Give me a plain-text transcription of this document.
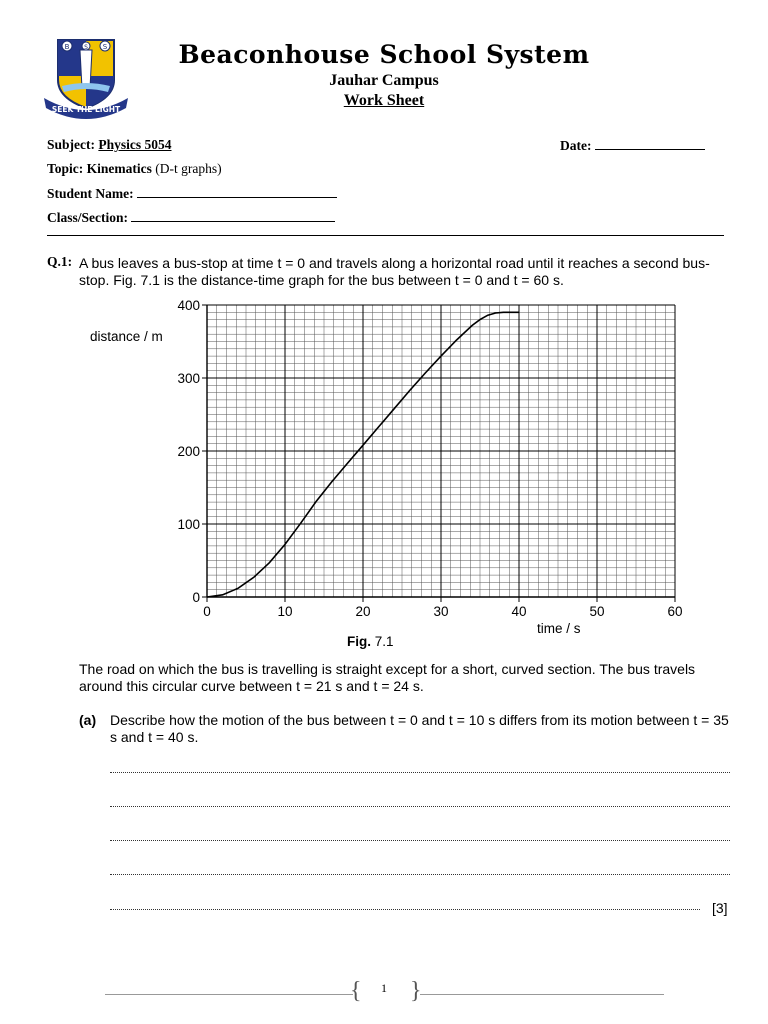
B S S
SEEK THE LIGHT
Beaconhouse School System
Jauhar Campus
Work Sheet
Subject: Physics 5054	Date:
Topic: Kinematics (D-t graphs)
Student Name:
Class/Section:
Q.1: A bus leaves a bus-stop at time t = 0 and travels along a horizontal road until it reaches a second bus-stop. Fig. 7.1 is the distance-time graph for the bus between t = 0 and t = 60 s.
0	10	20	30	40	50	60
0
100
200
300
400
time / s
distance / m
Fig. 7.1
The road on which the bus is travelling is straight except for a short, curved section. The bus travels around this circular curve between t = 21 s and t = 24 s.
(a) Describe how the motion of the bus between t = 0 and t = 10 s differs from its motion between t = 35 s and t = 40 s.
[3]
{	1 }
